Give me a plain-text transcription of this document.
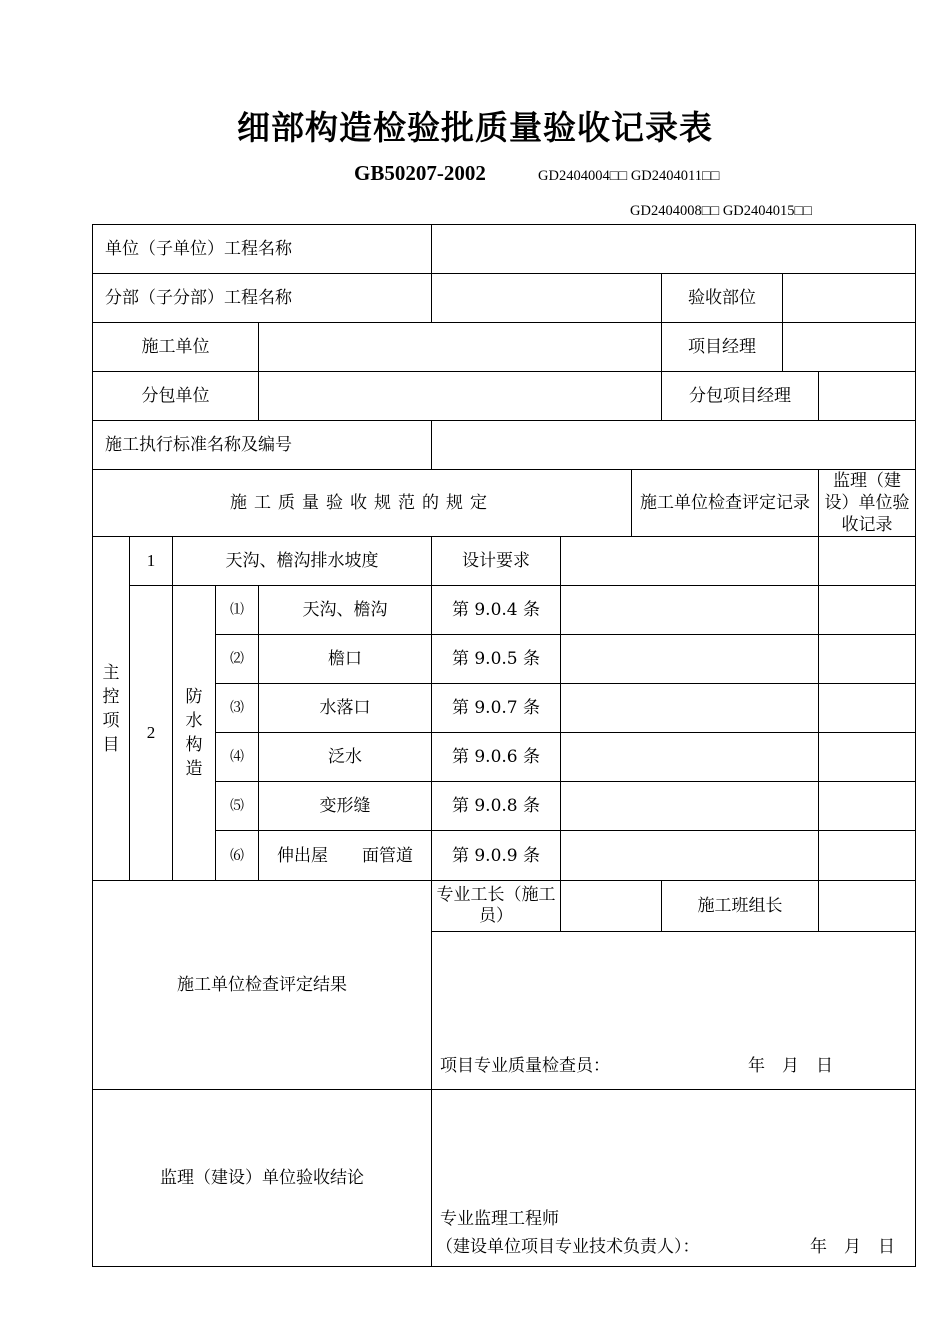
细部构造检验批质量验收记录表
GB50207-2002	GD2404004□□ GD2404011□□
GD2404008□□ GD2404015□□
单位（子单位）工程名称										
分部（子分部）工程名称								验收部位		
施工单位								项目经理		
分包单位								分包项目经理		
施工执行标准名称及编号										
施工质量验收规范的规定							施工单位检查评定记录			监理（建设）单位验收记录
主控项目	1	天沟、檐沟排水坡度			设计要求					
	2	防水构造	⑴	天沟、檐沟	第 9.0.4 条					
			⑵	檐口	第 9.0.5 条					
			⑶	水落口	第 9.0.7 条					
			⑷	泛水	第 9.0.6 条					
			⑸	变形缝	第 9.0.8 条					
			⑹	伸出屋　　面管道	第 9.0.9 条					
施工单位检查评定结果					专业工长（施工员）			施工班组长		

					项目专业质量检查员： 年　月　日					

监理（建设）单位验收结论					专业监理工程师
（建设单位项目专业技术负责人）： 年　月　日					
